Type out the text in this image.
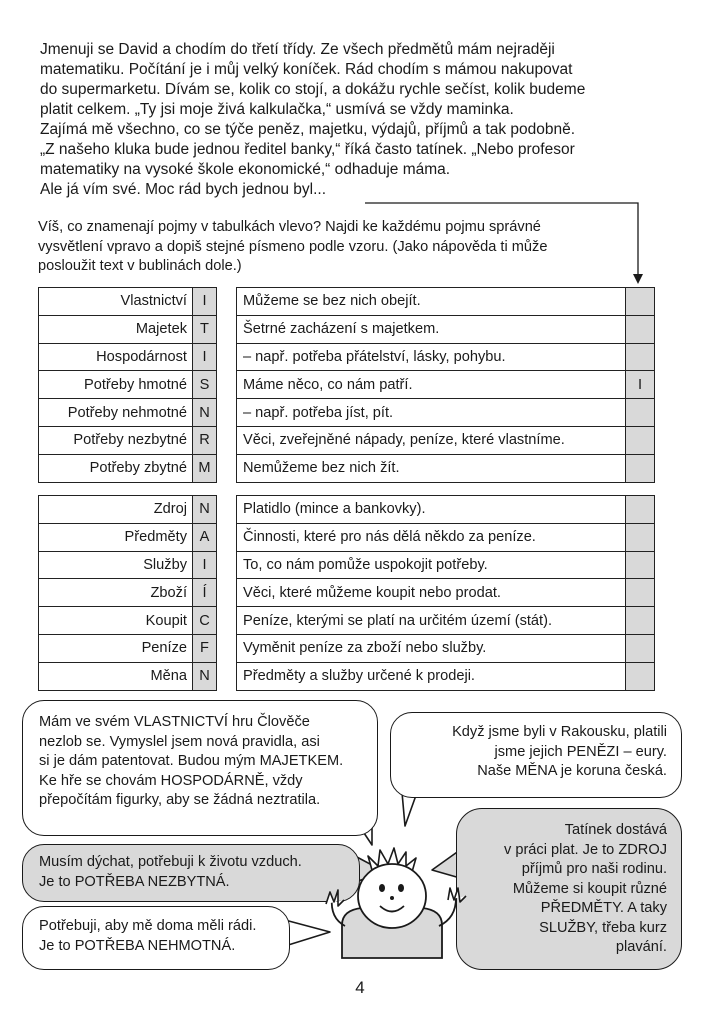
Jmenuji se David a chodím do třetí třídy. Ze všech předmětů mám nejraději
matematiku. Počítání je i můj velký koníček. Rád chodím s mámou nakupovat
do supermarketu. Dívám se, kolik co stojí, a dokážu rychle sečíst, kolik budeme
platit celkem. „Ty jsi moje živá kalkulačka,“ usmívá se vždy maminka.
Zajímá mě všechno, co se týče peněz, majetku, výdajů, příjmů a tak podobně.
„Z našeho kluka bude jednou ředitel banky,“ říká často tatínek. „Nebo profesor
matematiky na vysoké škole ekonomické,“ odhaduje máma.
Ale já vím své. Moc rád bych jednou byl...
Víš, co znamenají pojmy v tabulkách vlevo? Najdi ke každému pojmu správné
vysvětlení vpravo a dopiš stejné písmeno podle vzoru. (Jako nápověda ti může
posloužit text v bublinách dole.)
Vlastnictví	I
Majetek	T
Hospodárnost	I
Potřeby hmotné	S
Potřeby nehmotné	N
Potřeby nezbytné	R
Potřeby zbytné	M
Můžeme se bez nich obejít.	
Šetrné zacházení s majetkem.	
– např. potřeba přátelství, lásky, pohybu.	
Máme něco, co nám patří.	I
– např. potřeba jíst, pít.	
Věci, zveřejněné nápady, peníze, které vlastníme.	
Nemůžeme bez nich žít.	
Zdroj	N
Předměty	A
Služby	I
Zboží	Í
Koupit	C
Peníze	F
Měna	N
Platidlo (mince a bankovky).	
Činnosti, které pro nás dělá někdo za peníze.	
To, co nám pomůže uspokojit potřeby.	
Věci, které můžeme koupit nebo prodat.	
Peníze, kterými se platí na určitém území (stát).	
Vyměnit peníze za zboží nebo služby.	
Předměty a služby určené k prodeji.	
Mám ve svém VLASTNICTVÍ hru Člověče
nezlob se. Vymyslel jsem nová pravidla, asi
si je dám patentovat. Budou mým MAJETKEM.
Ke hře se chovám HOSPODÁRNĚ, vždy
přepočítám figurky, aby se žádná neztratila.
Když jsme byli v Rakousku, platili
jsme jejich PENĚZI – eury.
Naše MĚNA je koruna česká.
Musím dýchat, potřebuji k životu vzduch.
Je to POTŘEBA NEZBYTNÁ.
Tatínek dostává
v práci plat. Je to ZDROJ
příjmů pro naši rodinu.
Můžeme si koupit různé
PŘEDMĚTY. A taky
SLUŽBY, třeba kurz
plavání.
Potřebuji, aby mě doma měli rádi.
Je to POTŘEBA NEHMOTNÁ.
4
